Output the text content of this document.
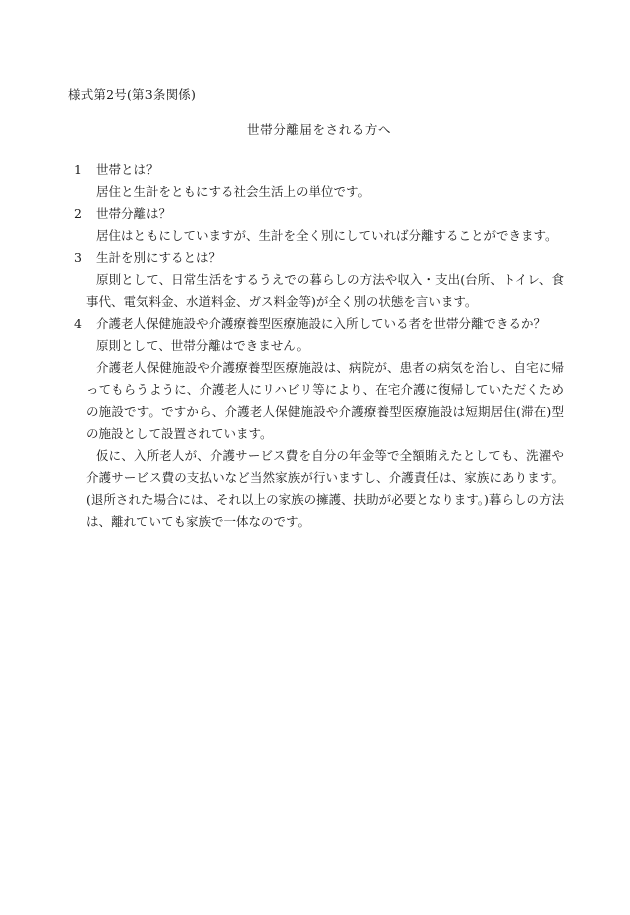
様式第2号(第3条関係)
世帯分離届をされる方へ
1	世帯とは？
居住と生計をともにする社会生活上の単位です。
2	世帯分離は？
居住はともにしていますが、生計を全く別にしていれば分離することができます。
3	生計を別にするとは？
原則として、日常生活をするうえでの暮らしの方法や収入・支出(台所、トイレ、食事代、電気料金、水道料金、ガス料金等)が全く別の状態を言います。
4	介護老人保健施設や介護療養型医療施設に入所している者を世帯分離できるか？
原則として、世帯分離はできません。
介護老人保健施設や介護療養型医療施設は、病院が、患者の病気を治し、自宅に帰ってもらうように、介護老人にリハビリ等により、在宅介護に復帰していただくための施設です。ですから、介護老人保健施設や介護療養型医療施設は短期居住(滞在)型の施設として設置されています。
仮に、入所老人が、介護サービス費を自分の年金等で全額賄えたとしても、洗濯や介護サービス費の支払いなど当然家族が行いますし、介護責任は、家族にあります。(退所された場合には、それ以上の家族の擁護、扶助が必要となります。)暮らしの方法は、離れていても家族で一体なのです。
